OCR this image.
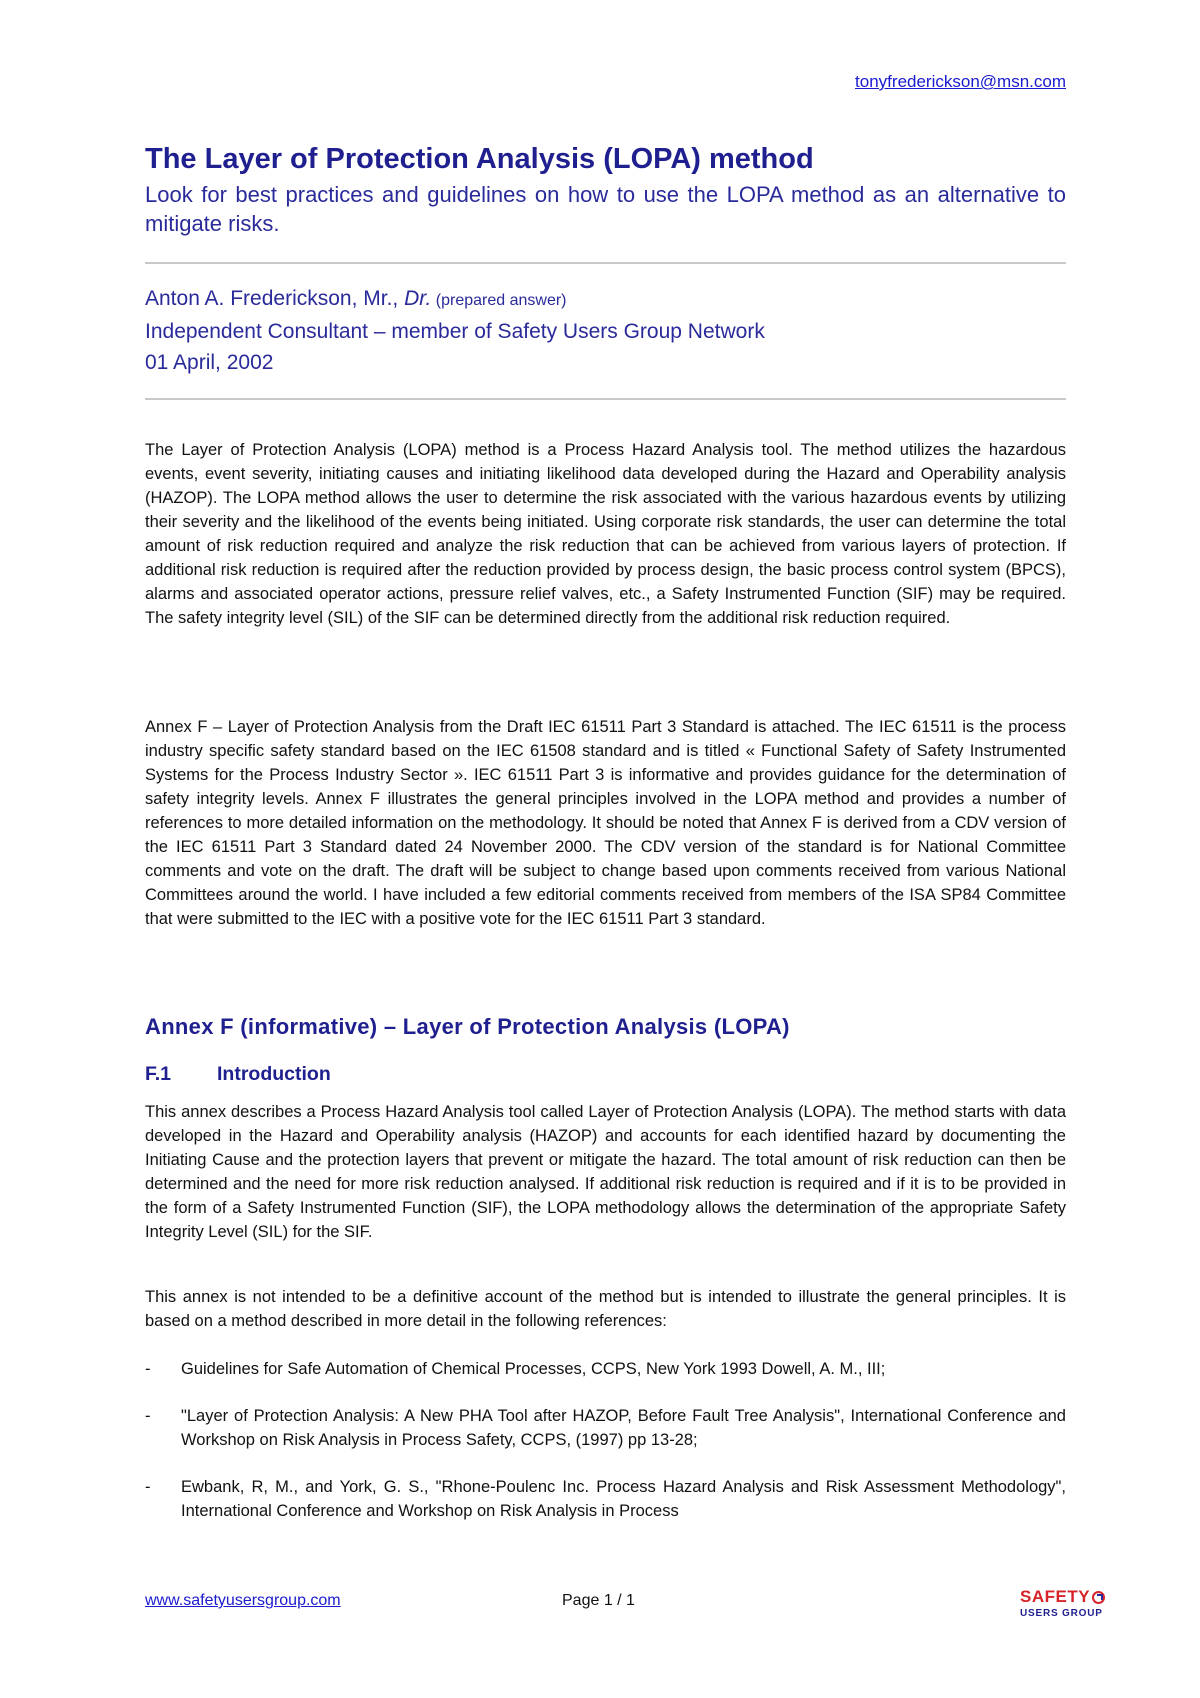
tonyfrederickson@msn.com
The Layer of Protection Analysis (LOPA) method

Look for best practices and guidelines on how to use the LOPA method as an alternative to mitigate risks.

Anton A. Frederickson, Mr., Dr. (prepared answer)
Independent Consultant – member of Safety Users Group Network
01 April, 2002

The Layer of Protection Analysis (LOPA) method is a Process Hazard Analysis tool. The method utilizes the hazardous events, event severity, initiating causes and initiating likelihood data developed during the Hazard and Operability analysis (HAZOP). The LOPA method allows the user to determine the risk associated with the various hazardous events by utilizing their severity and the likelihood of the events being initiated. Using corporate risk standards, the user can determine the total amount of risk reduction required and analyze the risk reduction that can be achieved from various layers of protection. If additional risk reduction is required after the reduction provided by process design, the basic process control system (BPCS), alarms and associated operator actions, pressure relief valves, etc., a Safety Instrumented Function (SIF) may be required. The safety integrity level (SIL) of the SIF can be determined directly from the additional risk reduction required.

Annex F – Layer of Protection Analysis from the Draft IEC 61511 Part 3 Standard is attached. The IEC 61511 is the process industry specific safety standard based on the IEC 61508 standard and is titled « Functional Safety of Safety Instrumented Systems for the Process Industry Sector ». IEC 61511 Part 3 is informative and provides guidance for the determination of safety integrity levels. Annex F illustrates the general principles involved in the LOPA method and provides a number of references to more detailed information on the methodology. It should be noted that Annex F is derived from a CDV version of the IEC 61511 Part 3 Standard dated 24 November 2000. The CDV version of the standard is for National Committee comments and vote on the draft. The draft will be subject to change based upon comments received from various National Committees around the world. I have included a few editorial comments received from members of the ISA SP84 Committee that were submitted to the IEC with a positive vote for the IEC 61511 Part 3 standard.

Annex F (informative) – Layer of Protection Analysis (LOPA)
F.1 Introduction

This annex describes a Process Hazard Analysis tool called Layer of Protection Analysis (LOPA). The method starts with data developed in the Hazard and Operability analysis (HAZOP) and accounts for each identified hazard by documenting the Initiating Cause and the protection layers that prevent or mitigate the hazard. The total amount of risk reduction can then be determined and the need for more risk reduction analysed. If additional risk reduction is required and if it is to be provided in the form of a Safety Instrumented Function (SIF), the LOPA methodology allows the determination of the appropriate Safety Integrity Level (SIL) for the SIF.

This annex is not intended to be a definitive account of the method but is intended to illustrate the general principles. It is based on a method described in more detail in the following references:

- Guidelines for Safe Automation of Chemical Processes, CCPS, New York 1993 Dowell, A. M., III;
- "Layer of Protection Analysis: A New PHA Tool after HAZOP, Before Fault Tree Analysis", International Conference and Workshop on Risk Analysis in Process Safety, CCPS, (1997) pp 13-28;
- Ewbank, R, M., and York, G. S., "Rhone-Poulenc Inc. Process Hazard Analysis and Risk Assessment Methodology", International Conference and Workshop on Risk Analysis in Process
www.safetyusersgroup.com	Page 1 / 1	SAFETY
USERS GROUP
